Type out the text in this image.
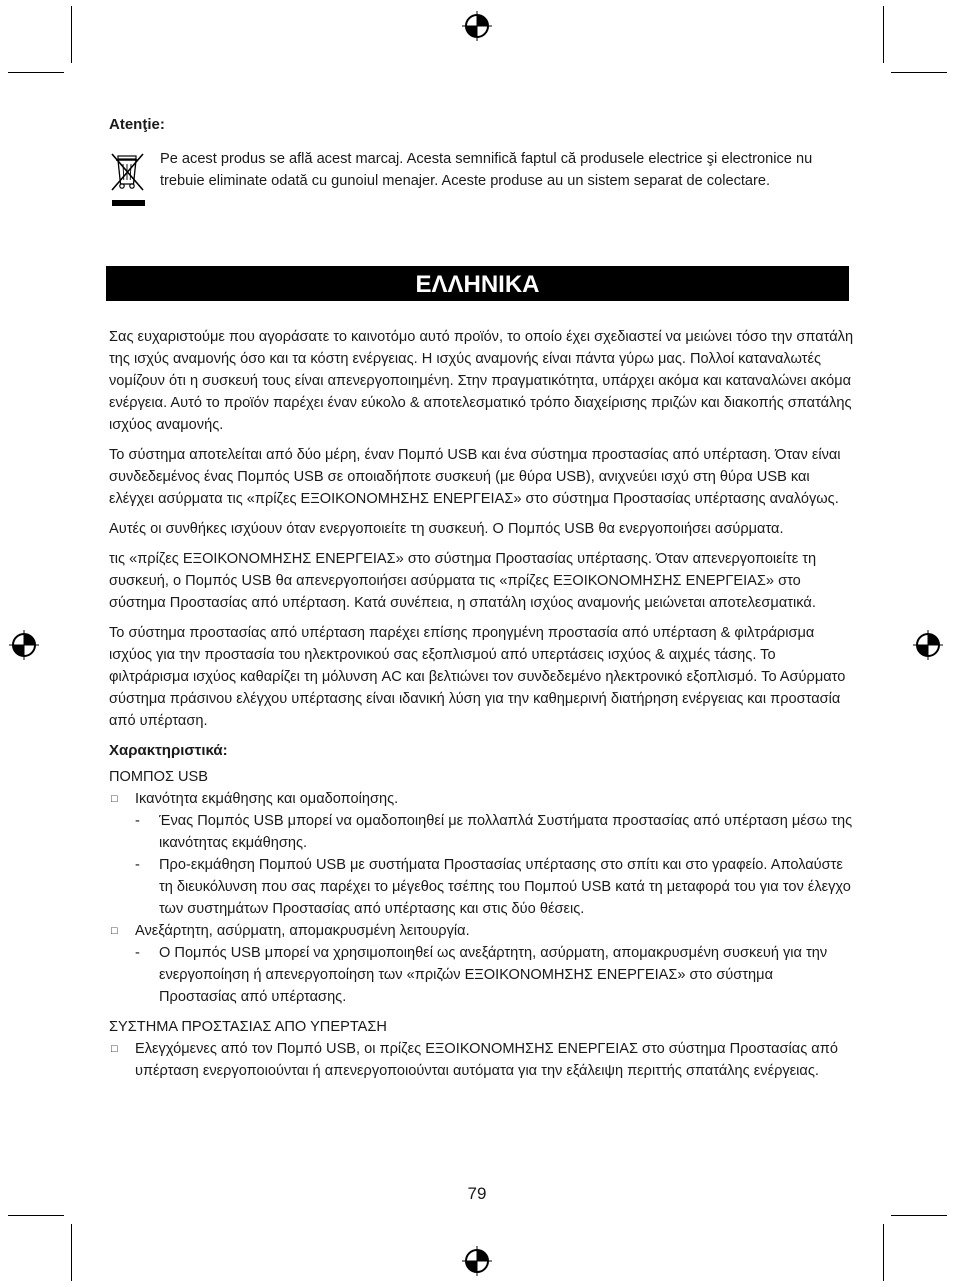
Atenţie:

Pe acest produs se află acest marcaj. Acesta semnifică faptul că produsele electrice şi electronice nu trebuie eliminate odată cu gunoiul menajer. Aceste produse au un sistem separat de colectare.

ΕΛΛΗΝΙΚΑ

Σας ευχαριστούμε που αγοράσατε το καινοτόμο αυτό προϊόν, το οποίο έχει σχεδιαστεί να μειώνει τόσο την σπατάλη της ισχύς αναμονής όσο και τα κόστη ενέργειας. Η ισχύς αναμονής είναι πάντα γύρω μας. Πολλοί καταναλωτές νομίζουν ότι η συσκευή τους είναι απενεργοποιημένη. Στην πραγματικότητα, υπάρχει ακόμα και καταναλώνει ακόμα ενέργεια. Αυτό το προϊόν παρέχει έναν εύκολο & αποτελεσματικό τρόπο διαχείρισης πριζών και διακοπής σπατάλης ισχύος αναμονής.

Το σύστημα αποτελείται από δύο μέρη, έναν Πομπό USB και ένα σύστημα προστασίας από υπέρταση. Όταν είναι συνδεδεμένος ένας Πομπός USB σε οποιαδήποτε συσκευή (με θύρα USB), ανιχνεύει ισχύ στη θύρα USB και ελέγχει ασύρματα τις «πρίζες ΕΞΟΙΚΟΝΟΜΗΣΗΣ ΕΝΕΡΓΕΙΑΣ» στο σύστημα Προστασίας υπέρτασης αναλόγως.

Αυτές οι συνθήκες ισχύουν όταν ενεργοποιείτε τη συσκευή. Ο Πομπός USB θα ενεργοποιήσει ασύρματα.

τις «πρίζες ΕΞΟΙΚΟΝΟΜΗΣΗΣ ΕΝΕΡΓΕΙΑΣ» στο σύστημα Προστασίας υπέρτασης. Όταν απενεργοποιείτε τη συσκευή, ο Πομπός USB θα απενεργοποιήσει ασύρματα τις «πρίζες ΕΞΟΙΚΟΝΟΜΗΣΗΣ ΕΝΕΡΓΕΙΑΣ» στο σύστημα Προστασίας από υπέρταση. Κατά συνέπεια, η σπατάλη ισχύος αναμονής μειώνεται αποτελεσματικά.

Το σύστημα προστασίας από υπέρταση παρέχει επίσης προηγμένη προστασία από υπέρταση & φιλτράρισμα ισχύος για την προστασία του ηλεκτρονικού σας εξοπλισμού από υπερτάσεις ισχύος & αιχμές τάσης. Το φιλτράρισμα ισχύος καθαρίζει τη μόλυνση AC και βελτιώνει τον συνδεδεμένο ηλεκτρονικό εξοπλισμό. Το Ασύρματο σύστημα πράσινου ελέγχου υπέρτασης είναι ιδανική λύση για την καθημερινή διατήρηση ενέργειας και προστασία από υπέρταση.

Χαρακτηριστικά:

ΠΟΜΠΟΣ USB

□ Ικανότητα εκμάθησης και ομαδοποίησης.
- Ένας Πομπός USB μπορεί να ομαδοποιηθεί με πολλαπλά Συστήματα προστασίας από υπέρταση μέσω της ικανότητας εκμάθησης.
- Προ-εκμάθηση Πομπού USB με συστήματα Προστασίας υπέρτασης στο σπίτι και στο γραφείο. Απολαύστε τη διευκόλυνση που σας παρέχει το μέγεθος τσέπης του Πομπού USB κατά τη μεταφορά του για τον έλεγχο των συστημάτων Προστασίας από υπέρτασης και στις δύο θέσεις.
□ Ανεξάρτητη, ασύρματη, απομακρυσμένη λειτουργία.
- Ο Πομπός USB μπορεί να χρησιμοποιηθεί ως ανεξάρτητη, ασύρματη, απομακρυσμένη συσκευή για την ενεργοποίηση ή απενεργοποίηση των «πριζών ΕΞΟΙΚΟΝΟΜΗΣΗΣ ΕΝΕΡΓΕΙΑΣ» στο σύστημα Προστασίας από υπέρτασης.

ΣΥΣΤΗΜΑ ΠΡΟΣΤΑΣΙΑΣ ΑΠΟ ΥΠΕΡΤΑΣΗ

□ Ελεγχόμενες από τον Πομπό USB, οι πρίζες ΕΞΟΙΚΟΝΟΜΗΣΗΣ ΕΝΕΡΓΕΙΑΣ στο σύστημα Προστασίας από υπέρταση ενεργοποιούνται ή απενεργοποιούνται αυτόματα για την εξάλειψη περιττής σπατάλης ενέργειας.

79
